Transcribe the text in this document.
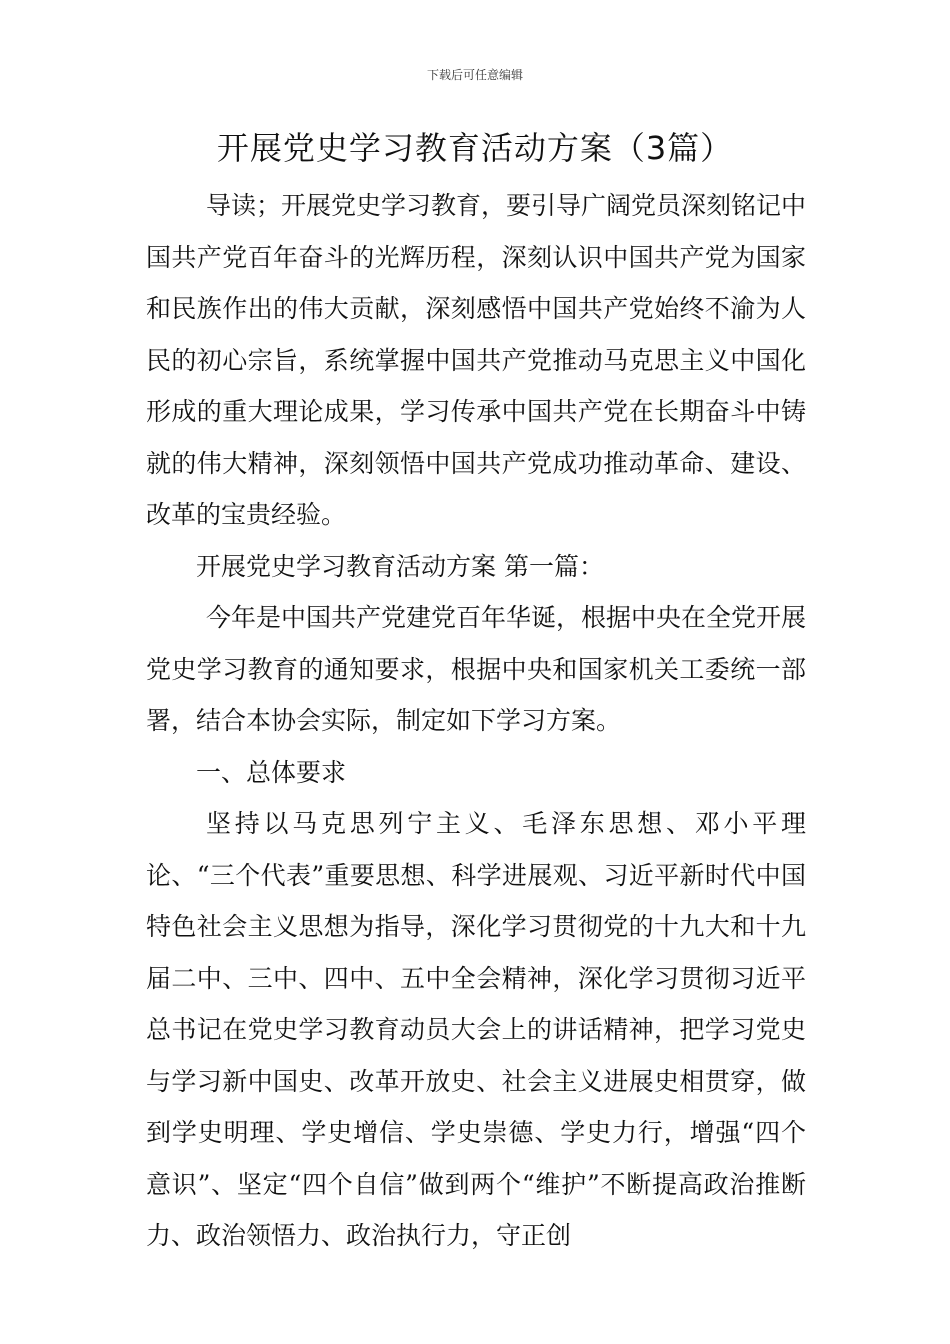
下载后可任意编辑
开展党史学习教育活动方案（3篇）

导读；开展党史学习教育，要引导广阔党员深刻铭记中国共产党百年奋斗的光辉历程，深刻认识中国共产党为国家和民族作出的伟大贡献，深刻感悟中国共产党始终不渝为人民的初心宗旨，系统掌握中国共产党推动马克思主义中国化形成的重大理论成果，学习传承中国共产党在长期奋斗中铸就的伟大精神，深刻领悟中国共产党成功推动革命、建设、改革的宝贵经验。

开展党史学习教育活动方案 第一篇：

今年是中国共产党建党百年华诞，根据中央在全党开展党史学习教育的通知要求，根据中央和国家机关工委统一部署，结合本协会实际，制定如下学习方案。

一、总体要求

坚持以马克思列宁主义、毛泽东思想、邓小平理论、“三个代表”重要思想、科学进展观、习近平新时代中国特色社会主义思想为指导，深化学习贯彻党的十九大和十九届二中、三中、四中、五中全会精神，深化学习贯彻习近平总书记在党史学习教育动员大会上的讲话精神，把学习党史与学习新中国史、改革开放史、社会主义进展史相贯穿，做到学史明理、学史增信、学史崇德、学史力行，增强“四个意识”、坚定“四个自信”做到两个“维护”不断提高政治推断力、政治领悟力、政治执行力，守正创
